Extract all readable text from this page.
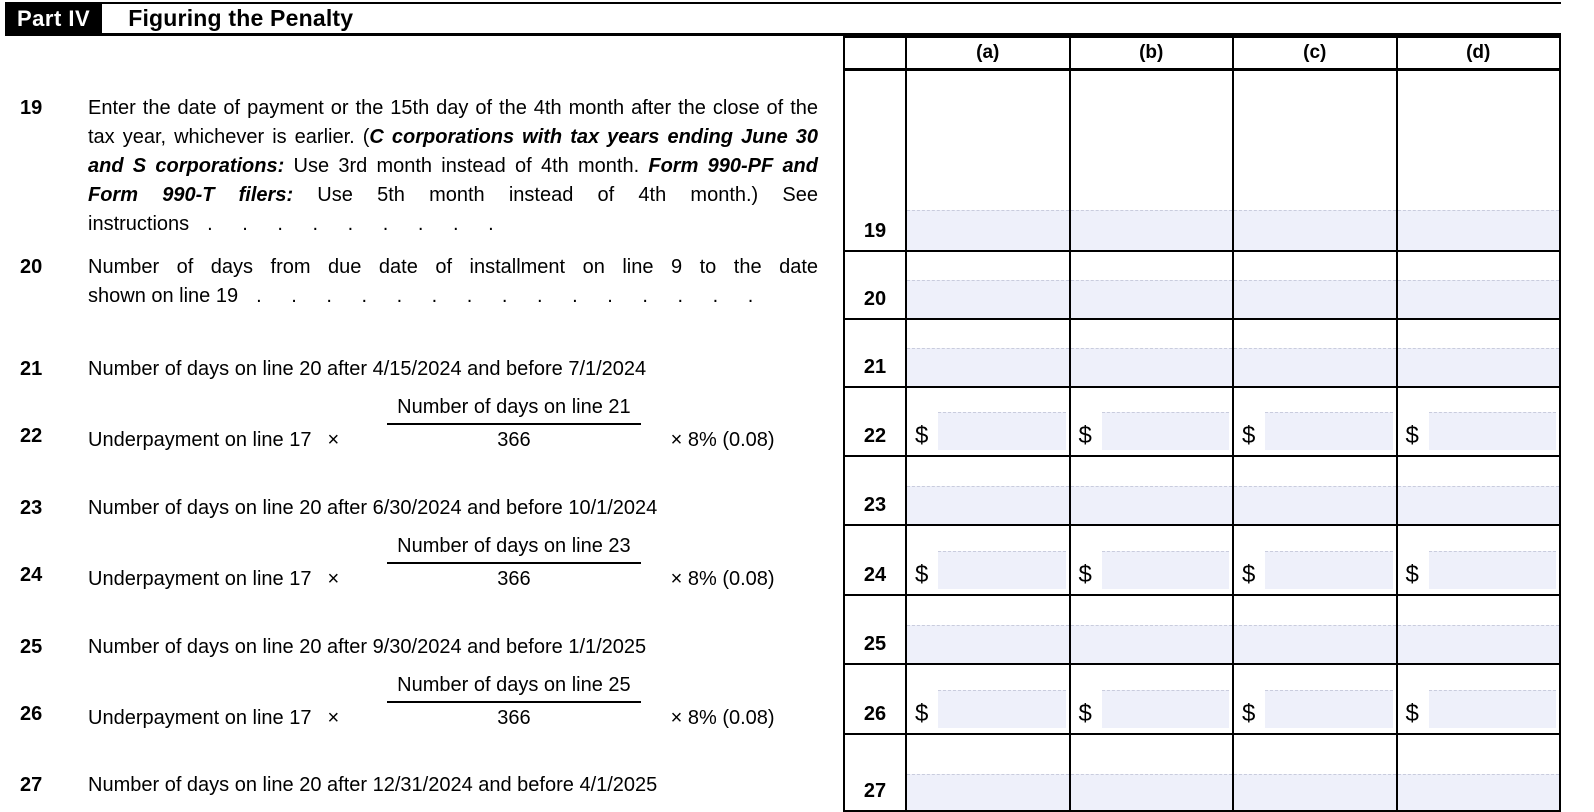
Part IV	Figuring the Penalty
19 Enter the date of payment or the 15th day of the 4th month after the close of the tax year, whichever is earlier. (C corporations with tax years ending June 30 and S corporations: Use 3rd month instead of 4th month. Form 990-PF and Form 990-T filers: Use 5th month instead of 4th month.) See instructions . . . . . . . . .

20 Number of days from due date of installment on line 9 to the date
shown on line 19 . . . . . . . . . . . . . . .

21 Number of days on line 20 after 4/15/2024 and before 7/1/2024

22 Underpayment on line $17 \times \frac{\text{Number of days on line 21}}{366} \times 8\%$ (0.08)
23 Number of days on line 20 after 6/30/2024 and before 10/1/2024

24 Underpayment on line $17 \times \frac{\text{Number of days on line 23}}{366} \times 8\%$ (0.08)
25 Number of days on line 20 after 9/30/2024 and before 1/1/2025

26 Underpayment on line $17 \times \frac{\text{Number of days on line 25}}{366} \times 8\%$ (0.08)
27 Number of days on line 20 after 12/31/2024 and before 4/1/2025

(a)	(b)	(c)	(d)
19
20
21
22	$	$	$	$
23
24	$	$	$	$
25
26	$	$	$	$
27
